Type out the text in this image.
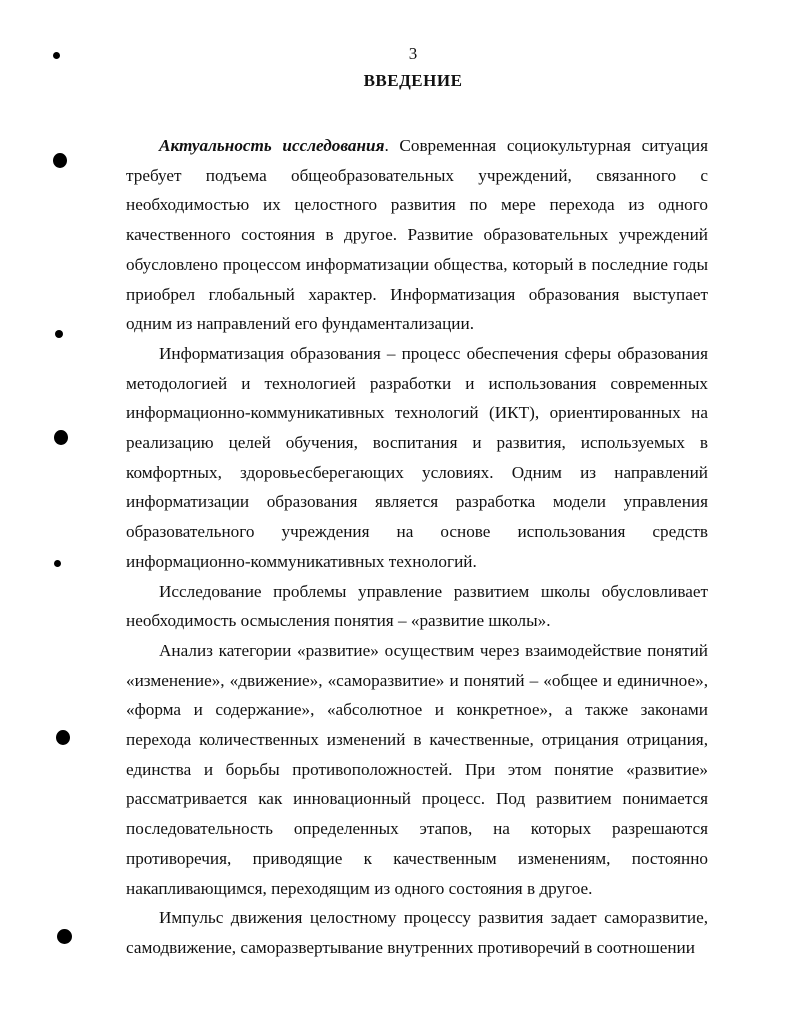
3
ВВЕДЕНИЕ

Актуальность исследования. Современная социокультурная ситуация требует подъема общеобразовательных учреждений, связанного с необходимостью их целостного развития по мере перехода из одного качественного состояния в другое. Развитие образовательных учреждений обусловлено процессом информатизации общества, который в последние годы приобрел глобальный характер. Информатизация образования выступает одним из направлений его фундаментализации.

Информатизация образования – процесс обеспечения сферы образования методологией и технологией разработки и использования современных информационно-коммуникативных технологий (ИКТ), ориентированных на реализацию целей обучения, воспитания и развития, используемых в комфортных, здоровьесберегающих условиях. Одним из направлений информатизации образования является разработка модели управления образовательного учреждения на основе использования средств информационно-коммуникативных технологий.

Исследование проблемы управление развитием школы обусловливает необходимость осмысления понятия – «развитие школы».

Анализ категории «развитие» осуществим через взаимодействие понятий «изменение», «движение», «саморазвитие» и понятий – «общее и единичное», «форма и содержание», «абсолютное и конкретное», а также законами перехода количественных изменений в качественные, отрицания отрицания, единства и борьбы противоположностей. При этом понятие «развитие» рассматривается как инновационный процесс. Под развитием понимается последовательность определенных этапов, на которых разрешаются противоречия, приводящие к качественным изменениям, постоянно накапливающимся, переходящим из одного состояния в другое.

Импульс движения целостному процессу развития задает саморазвитие, самодвижение, саморазвертывание внутренних противоречий в соотношении
